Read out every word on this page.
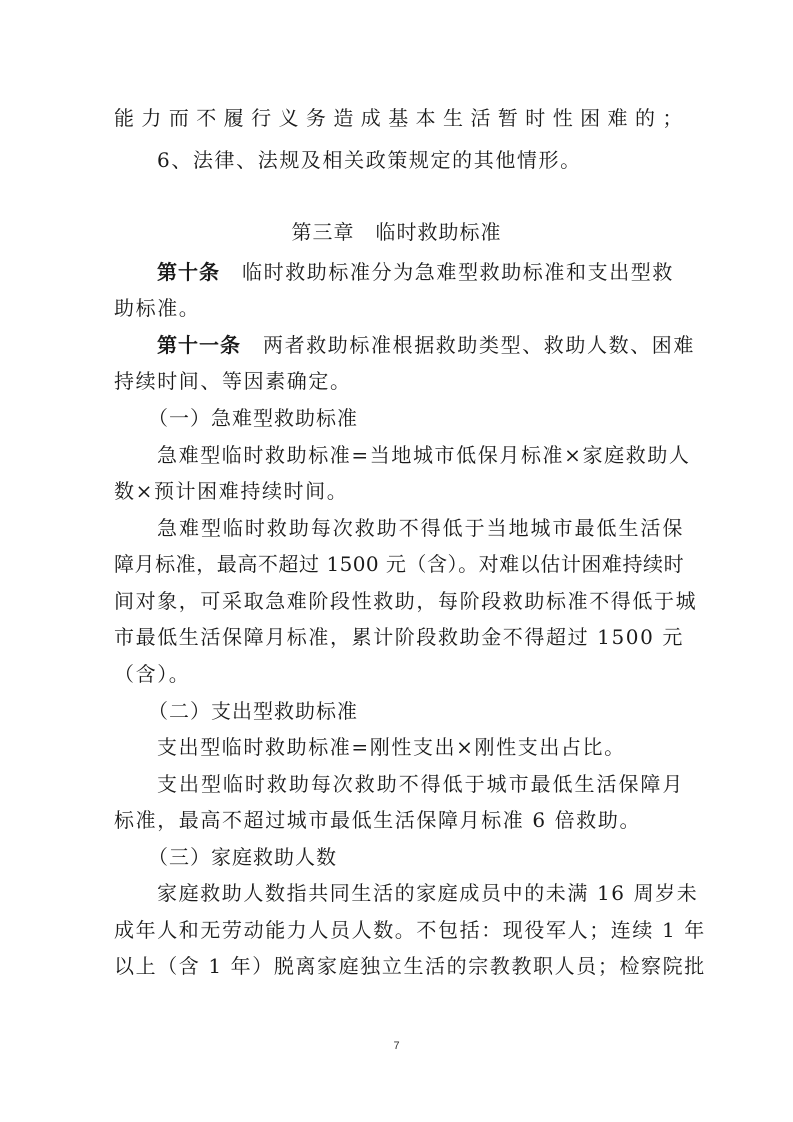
能力而不履行义务造成基本生活暂时性困难的；
6、法律、法规及相关政策规定的其他情形。
第三章　临时救助标准
第十条 临时救助标准分为急难型救助标准和支出型救
助标准。
第十一条 两者救助标准根据救助类型、救助人数、困难
持续时间、等因素确定。
（一）急难型救助标准
急难型临时救助标准=当地城市低保月标准×家庭救助人
数×预计困难持续时间。
急难型临时救助每次救助不得低于当地城市最低生活保
障月标准，最高不超过 1500 元（含）。对难以估计困难持续时
间对象，可采取急难阶段性救助，每阶段救助标准不得低于城
市最低生活保障月标准，累计阶段救助金不得超过 1500 元
（含）。
（二）支出型救助标准
支出型临时救助标准=刚性支出×刚性支出占比。
支出型临时救助每次救助不得低于城市最低生活保障月
标准，最高不超过城市最低生活保障月标准 6 倍救助。
（三）家庭救助人数
家庭救助人数指共同生活的家庭成员中的未满 16 周岁未
成年人和无劳动能力人员人数。不包括：现役军人；连续 1 年
以上（含 1 年）脱离家庭独立生活的宗教教职人员；检察院批
7
